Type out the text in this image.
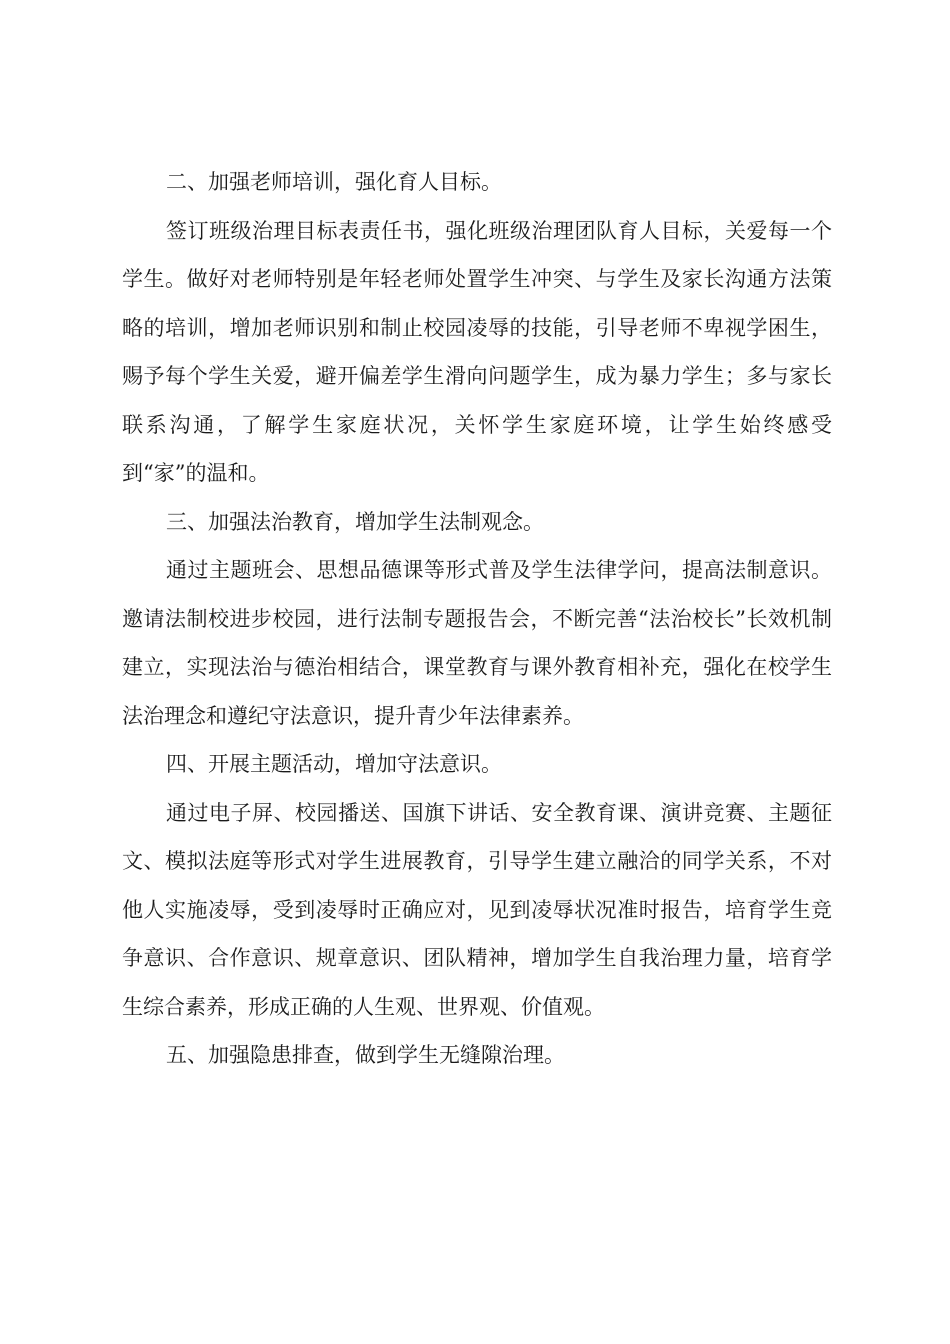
二、加强老师培训，强化育人目标。

签订班级治理目标表责任书，强化班级治理团队育人目标，关爱每一个学生。做好对老师特别是年轻老师处置学生冲突、与学生及家长沟通方法策略的培训，增加老师识别和制止校园凌辱的技能，引导老师不卑视学困生，赐予每个学生关爱，避开偏差学生滑向问题学生，成为暴力学生；多与家长联系沟通，了解学生家庭状况，关怀学生家庭环境，让学生始终感受到“家”的温和。

三、加强法治教育，增加学生法制观念。

通过主题班会、思想品德课等形式普及学生法律学问，提高法制意识。邀请法制校进步校园，进行法制专题报告会，不断完善“法治校长”长效机制建立，实现法治与德治相结合，课堂教育与课外教育相补充，强化在校学生法治理念和遵纪守法意识，提升青少年法律素养。

四、开展主题活动，增加守法意识。

通过电子屏、校园播送、国旗下讲话、安全教育课、演讲竞赛、主题征文、模拟法庭等形式对学生进展教育，引导学生建立融洽的同学关系，不对他人实施凌辱，受到凌辱时正确应对，见到凌辱状况准时报告，培育学生竞争意识、合作意识、规章意识、团队精神，增加学生自我治理力量，培育学生综合素养，形成正确的人生观、世界观、价值观。

五、加强隐患排查，做到学生无缝隙治理。
